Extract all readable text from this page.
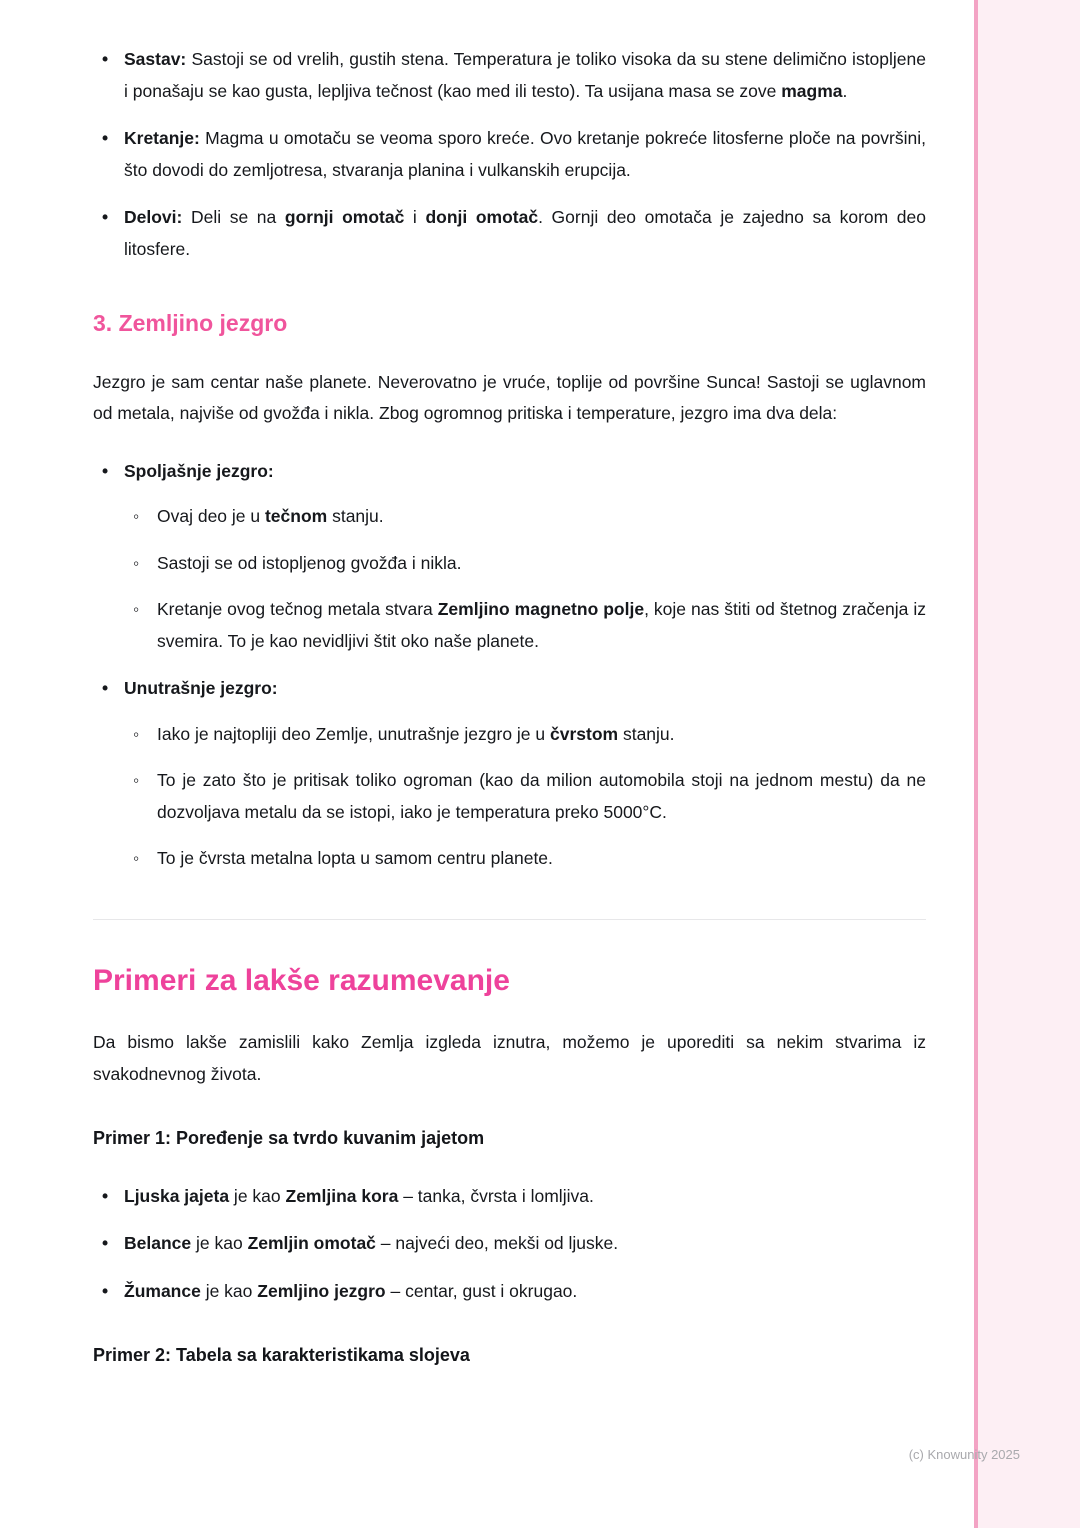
• Sastav: Sastoji se od vrelih, gustih stena. Temperatura je toliko visoka da su stene delimično istopljene i ponašaju se kao gusta, lepljiva tečnost (kao med ili testo). Ta usijana masa se zove magma.
• Kretanje: Magma u omotaču se veoma sporo kreće. Ovo kretanje pokreće litosferne ploče na površini, što dovodi do zemljotresa, stvaranja planina i vulkanskih erupcija.
• Delovi: Deli se na gornji omotač i donji omotač. Gornji deo omotača je zajedno sa korom deo litosfere.
3. Zemljino jezgro

Jezgro je sam centar naše planete. Neverovatno je vruće, toplije od površine Sunca! Sastoji se uglavnom od metala, najviše od gvožđa i nikla. Zbog ogromnog pritiska i temperature, jezgro ima dva dela:

• Spoljašnje jezgro:
◦ Ovaj deo je u tečnom stanju.
◦ Sastoji se od istopljenog gvožđa i nikla.
◦ Kretanje ovog tečnog metala stvara Zemljino magnetno polje, koje nas štiti od štetnog zračenja iz svemira. To je kao nevidljivi štit oko naše planete.
• Unutrašnje jezgro:
◦ Iako je najtopliji deo Zemlje, unutrašnje jezgro je u čvrstom stanju.
◦ To je zato što je pritisak toliko ogroman (kao da milion automobila stoji na jednom mestu) da ne dozvoljava metalu da se istopi, iako je temperatura preko 5000°C.
◦ To je čvrsta metalna lopta u samom centru planete.
Primeri za lakše razumevanje

Da bismo lakše zamislili kako Zemlja izgleda iznutra, možemo je uporediti sa nekim stvarima iz svakodnevnog života.

Primer 1: Poređenje sa tvrdo kuvanim jajetom
• Ljuska jajeta je kao Zemljina kora – tanka, čvrsta i lomljiva.
• Belance je kao Zemljin omotač – najveći deo, mekši od ljuske.
• Žumance je kao Zemljino jezgro – centar, gust i okrugao.
Primer 2: Tabela sa karakteristikama slojeva
(c) Knowunity 2025
